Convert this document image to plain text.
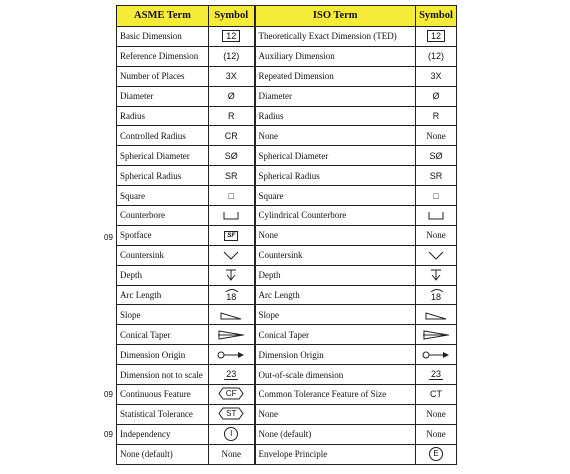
09
09
09
ASME Term	Symbol	ISO Term	Symbol
Basic Dimension	12	Theoretically Exact Dimension (TED)	12
Reference Dimension	(12)	Auxiliary Dimension	(12)
Number of Places	3X	Repeated Dimension	3X
Diameter	Ø	Diameter	Ø
Radius	R	Radius	R
Controlled Radius	CR	None	None
Spherical Diameter	SØ	Spherical Diameter	SØ
Spherical Radius	SR	Spherical Radius	SR
Square	□	Square	□
Counterbore		Cylindrical Counterbore	
Spotface	SF	None	None
Countersink		Countersink	
Depth		Depth	
Arc Length	18	Arc Length	18
Slope		Slope	
Conical Taper		Conical Taper	
Dimension Origin		Dimension Origin	
Dimension not to scale	23	Out-of-scale dimension	23
Continuous Feature	CF	Common Tolerance Feature of Size	CT
Statistical Tolerance	ST	None	None
Independency	I	None (default)	None
None (default)	None	Envelope Principle	E
